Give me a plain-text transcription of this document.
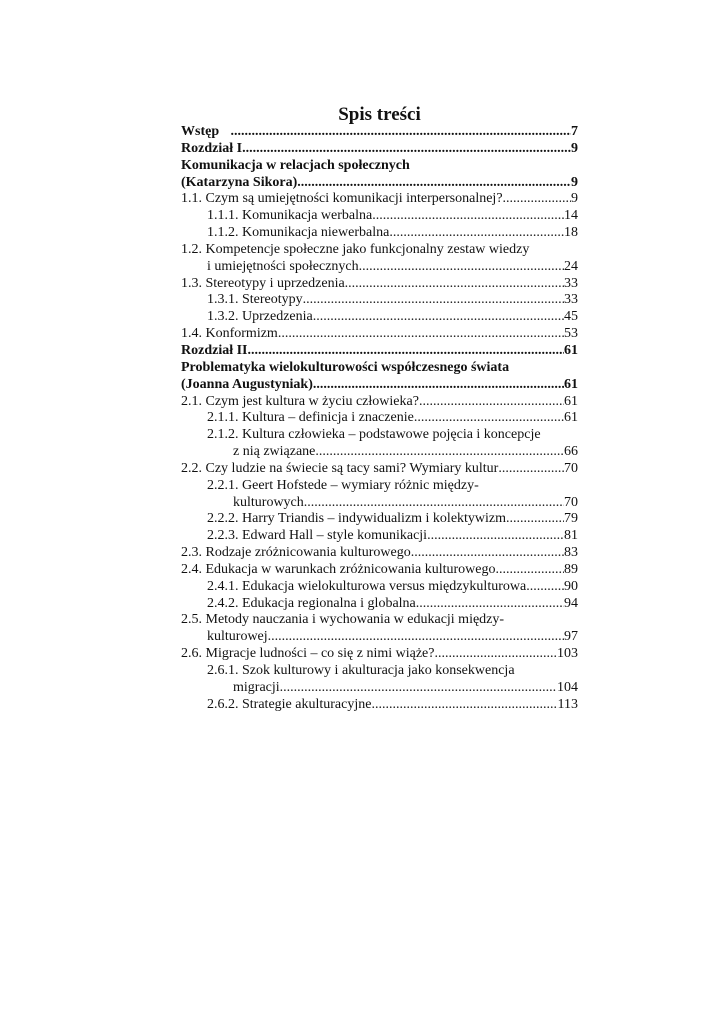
Spis treści
Wstęp .....	7
Rozdział I .....	9
Komunikacja w relacjach społecznych
(Katarzyna Sikora) .....	9
1.1. Czym są umiejętności komunikacji interpersonalnej? .....	9
1.1.1. Komunikacja werbalna .....	14
1.1.2. Komunikacja niewerbalna .....	18
1.2. Kompetencje społeczne jako funkcjonalny zestaw wiedzy
i umiejętności społecznych .....	24
1.3. Stereotypy i uprzedzenia .....	33
1.3.1. Stereotypy .....	33
1.3.2. Uprzedzenia .....	45
1.4. Konformizm .....	53
Rozdział II .....	61
Problematyka wielokulturowości współczesnego świata
(Joanna Augustyniak) .....	61
2.1. Czym jest kultura w życiu człowieka? .....	61
2.1.1. Kultura – definicja i znaczenie .....	61
2.1.2. Kultura człowieka – podstawowe pojęcia i koncepcje
z nią związane .....	66
2.2. Czy ludzie na świecie są tacy sami? Wymiary kultur .....	70
2.2.1. Geert Hofstede – wymiary różnic między-
kulturowych .....	70
2.2.2. Harry Triandis – indywidualizm i kolektywizm .....	79
2.2.3. Edward Hall – style komunikacji .....	81
2.3. Rodzaje zróżnicowania kulturowego .....	83
2.4. Edukacja w warunkach zróżnicowania kulturowego .....	89
2.4.1. Edukacja wielokulturowa versus międzykulturowa .....	90
2.4.2. Edukacja regionalna i globalna .....	94
2.5. Metody nauczania i wychowania w edukacji między-
kulturowej .....	97
2.6. Migracje ludności – co się z nimi wiąże? .....	103
2.6.1. Szok kulturowy i akulturacja jako konsekwencja
migracji .....	104
2.6.2. Strategie akulturacyjne .....	113
